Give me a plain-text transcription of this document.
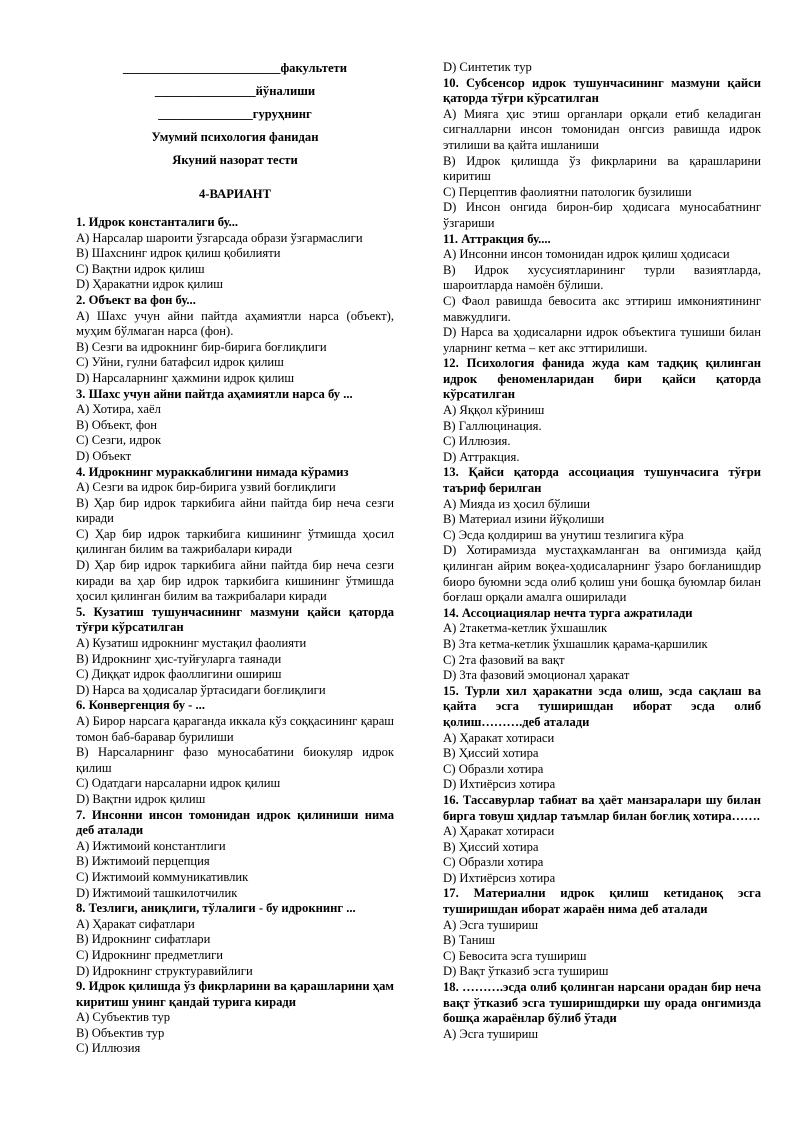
_________________________факультети
________________йўналиши
_______________гуруҳнинг
Умумий психология фанидан
Якуний назорат тести
4-ВАРИАНТ
1. Идрок константалиги бу...
А) Нарсалар шароити ўзгарсада образи ўзгармаслиги
В) Шахснинг идрок қилиш қобилияти
С) Вақтни идрок қилиш
D) Ҳаракатни идрок қилиш
2. Объект ва фон бу...
А) Шахс учун айни пайтда аҳамиятли нарса (объект), муҳим бўлмаган нарса (фон).
В) Сезги ва идрокнинг бир-бирига боғлиқлиги
С) Уйни, гулни батафсил идрок қилиш
D) Нарсаларнинг ҳажмини идрок қилиш
3. Шахс учун айни пайтда аҳамиятли нарса бу ...
А) Хотира, хаёл
В) Объект, фон
С) Сезги, идрок
D) Объект
4. Идрокнинг мураккаблигини нимада кўрамиз
А) Сезги ва идрок бир-бирига узвий боғлиқлиги
В) Ҳар бир идрок таркибига айни пайтда бир неча сезги киради
С) Ҳар бир идрок таркибига кишининг ўтмишда ҳосил қилинган билим ва тажрибалари киради
D) Ҳар бир идрок таркибига айни пайтда бир неча сезги киради ва ҳар бир идрок таркибига кишининг ўтмишда ҳосил қилинган билим ва тажрибалари киради
5. Кузатиш тушунчасининг мазмуни қайси қаторда тўғри кўрсатилган
А) Кузатиш идрокнинг мустақил фаолияти
В) Идрокнинг ҳис-туйғуларга таянади
С) Диққат идрок фаоллигини ошириш
D) Нарса ва ҳодисалар ўртасидаги боғлиқлиги
6. Конвергенция бу - ...
А) Бирор нарсага қараганда иккала кўз соққасининг қараш томон баб-баравар бурилиши
В) Нарсаларнинг фазо муносабатини биокуляр идрок қилиш
С) Одатдаги нарсаларни идрок қилиш
D) Вақтни идрок қилиш
7. Инсонни инсон томонидан идрок қилиниши нима деб аталади
А) Ижтимоий константлиги
В) Ижтимоий перцепция
С) Ижтимоий коммуникативлик
D) Ижтимоий ташкилотчилик
8. Тезлиги, аниқлиги, тўлалиги - бу идрокнинг ...
А) Ҳаракат сифатлари
В) Идрокнинг сифатлари
С) Идрокнинг предметлиги
D) Идрокнинг структуравийлиги
9. Идрок қилишда ўз фикрларини ва қарашларини ҳам киритиш унинг қандай турига киради
А) Субъектив тур
В) Объектив тур
С) Иллюзия
D) Синтетик тур
10. Субсенсор идрок тушунчасининг мазмуни қайси қаторда тўғри кўрсатилган
А) Мияга ҳис этиш органлари орқали етиб келадиган сигналларни инсон томонидан онгсиз равишда идрок этилиши ва қайта ишланиши
В) Идрок қилишда ўз фикрларини ва қарашларини киритиш
С) Перцептив фаолиятни патологик бузилиши
D) Инсон онгида бирон-бир ҳодисага муносабатнинг ўзгариши
11. Аттракция бу....
А) Инсонни инсон томонидан идрок қилиш ҳодисаси
В) Идрок хусусиятларининг турли вазиятларда, шароитларда намоён бўлиши.
С) Фаол равишда бевосита акс эттириш имкониятининг мавжудлиги.
D) Нарса ва ҳодисаларни идрок объектига тушиши билан уларнинг кетма – кет акс эттирилиши.
12. Психология фанида жуда кам тадқиқ қилинган идрок феноменларидан бири қайси қаторда кўрсатилган
А) Яққол кўриниш
В) Галлюцинация.
С) Иллюзия.
D) Аттракция.
13. Қайси қаторда ассоциация тушунчасига тўғри таъриф берилган
А) Мияда из ҳосил бўлиши
В) Материал изини йўқолиши
С) Эсда қолдириш ва унутиш тезлигига кўра
D) Хотирамизда мустаҳкамланган ва онгимизда қайд қилинган айрим воқеа-ҳодисаларнинг ўзаро боғланишдир биоро буюмни эсда олиб қолиш уни бошқа буюмлар билан боғлаш орқали амалга оширилади
14. Ассоциациялар нечта турга ажратилади
А) 2такетма-кетлик ўхшашлик
В) 3та кетма-кетлик ўхшашлик қарама-қаршилик
С) 2та фазовий ва вақт
D) 3та фазовий эмоционал ҳаракат
15. Турли хил ҳаракатни эсда олиш, эсда сақлаш ва қайта эсга туширишдан иборат эсда олиб қолиш……….деб аталади
А) Ҳаракат хотираси
В) Ҳиссий хотира
С) Образли хотира
D) Ихтиёрсиз хотира
16. Тассавурлар табиат ва ҳаёт манзаралари шу билан бирга товуш ҳидлар таъмлар билан боғлиқ хотира…….
А) Ҳаракат хотираси
В) Ҳиссий хотира
С) Образли хотира
D) Ихтиёрсиз хотира
17. Материални идрок қилиш кетиданоқ эсга туширишдан иборат жараён нима деб аталади
А) Эсга тушириш
В) Таниш
С) Бевосита эсга тушириш
D) Вақт ўтказиб эсга тушириш
18. ……….эсда олиб қолинган нарсани орадан бир неча вақт ўтказиб эсга туширишдирки шу орада онгимизда бошқа жараёнлар бўлиб ўтади
А) Эсга тушириш
